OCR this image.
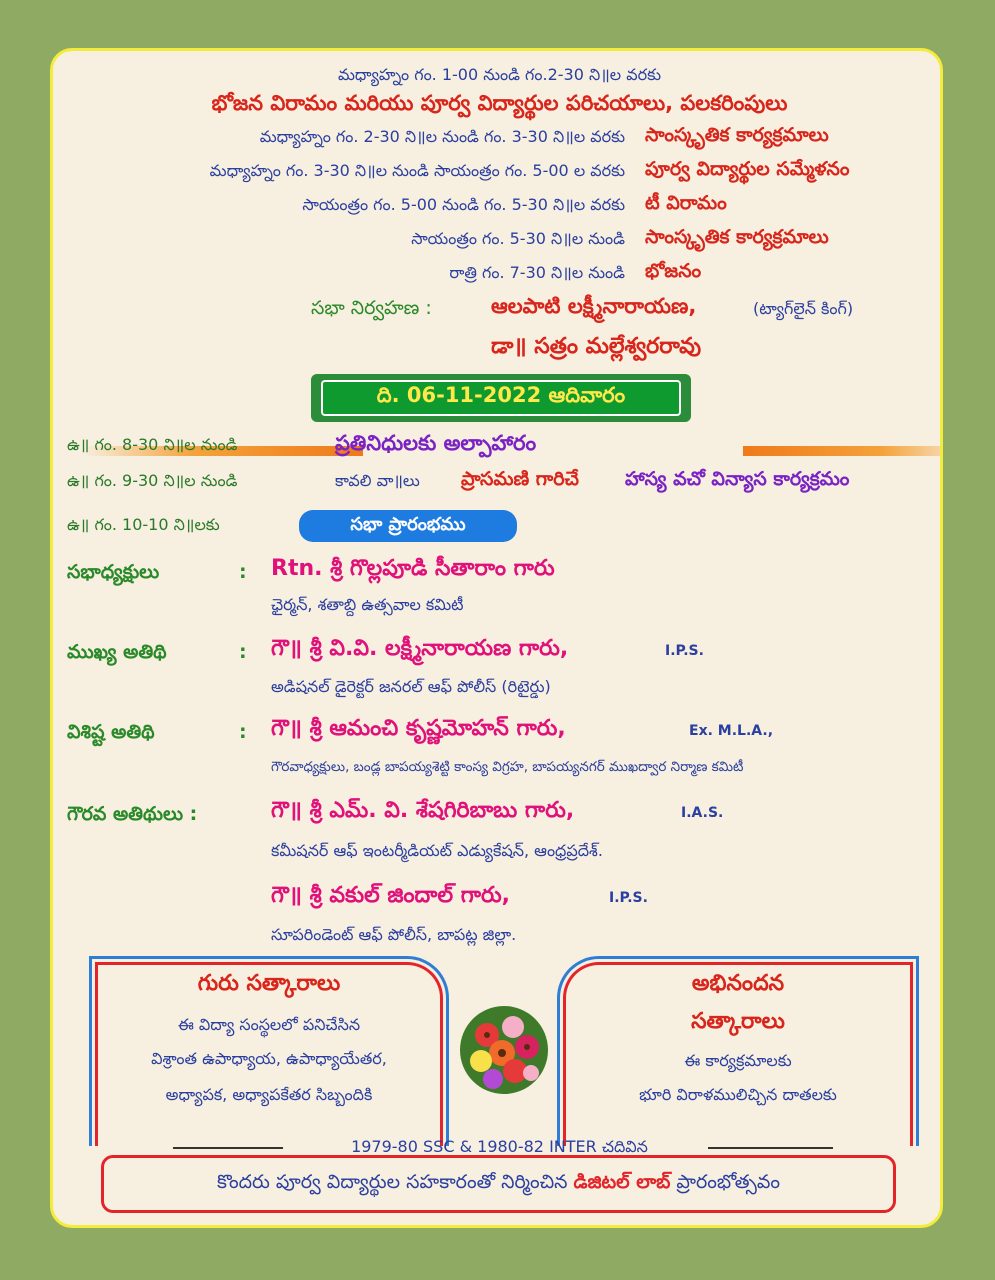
మధ్యాహ్నం గం. 1-00 నుండి గం.2-30 ని॥ల వరకు
భోజన విరామం మరియు పూర్వ విద్యార్థుల పరిచయాలు, పలకరింపులు
మధ్యాహ్నం గం. 2-30 ని॥ల నుండి గం. 3-30 ని॥ల వరకు సాంస్కృతిక కార్యక్రమాలు
మధ్యాహ్నం గం. 3-30 ని॥ల నుండి సాయంత్రం గం. 5-00 ల వరకు పూర్వ విద్యార్థుల సమ్మేళనం
సాయంత్రం గం. 5-00 నుండి గం. 5-30 ని॥ల వరకు టీ విరామం
సాయంత్రం గం. 5-30 ని॥ల నుండి సాంస్కృతిక కార్యక్రమాలు
రాత్రి గం. 7-30 ని॥ల నుండి భోజనం
సభా నిర్వహణ :	ఆలపాటి లక్ష్మీనారాయణ,	(ట్యాగ్‌లైన్ కింగ్)
డా॥ సత్రం మల్లేశ్వరరావు
ది. 06-11-2022 ఆదివారం
ఉ॥ గం. 8-30 ని॥ల నుండి	ప్రతినిధులకు అల్పాహారం
ఉ॥ గం. 9-30 ని॥ల నుండి	కావలి వా॥లు ప్రాసమణి గారిచే హాస్య వచో విన్యాస కార్యక్రమం
ఉ॥ గం. 10-10 ని॥లకు	సభా ప్రారంభము
సభాధ్యక్షులు	: Rtn. శ్రీ గొల్లపూడి సీతారాం గారు
ఛైర్మన్, శతాబ్ది ఉత్సవాల కమిటీ
ముఖ్య అతిథి	: గౌ॥ శ్రీ వి.వి. లక్ష్మీనారాయణ గారు,	I.P.S.
అడిషనల్ డైరెక్టర్ జనరల్ ఆఫ్ పోలీస్ (రిటైర్డు)
విశిష్ట అతిథి	: గౌ॥ శ్రీ ఆమంచి కృష్ణమోహన్ గారు,	Ex. M.L.A.,
గౌరవాధ్యక్షులు, బండ్ల బాపయ్యశెట్టి కాంస్య విగ్రహ, బాపయ్యనగర్ ముఖద్వార నిర్మాణ కమిటీ
గౌరవ అతిథులు :	గౌ॥ శ్రీ ఎమ్. వి. శేషగిరిబాబు గారు,	I.A.S.
కమీషనర్ ఆఫ్ ఇంటర్మీడియట్ ఎడ్యుకేషన్, ఆంధ్రప్రదేశ్.
గౌ॥ శ్రీ వకుల్ జిందాల్ గారు,	I.P.S.
సూపరిండెంట్ ఆఫ్ పోలీస్, బాపట్ల జిల్లా.
గురు సత్కారాలు
ఈ విద్యా సంస్థలలో పనిచేసిన
విశ్రాంత ఉపాధ్యాయ, ఉపాధ్యాయేతర,
అధ్యాపక, అధ్యాపకేతర సిబ్బందికి
అభినందన
సత్కారాలు
ఈ కార్యక్రమాలకు
భూరి విరాళములిచ్చిన దాతలకు
1979-80 SSC & 1980-82 INTER చదివిన
కొందరు పూర్వ విద్యార్థుల సహకారంతో నిర్మించిన డిజిటల్ లాబ్ ప్రారంభోత్సవం
